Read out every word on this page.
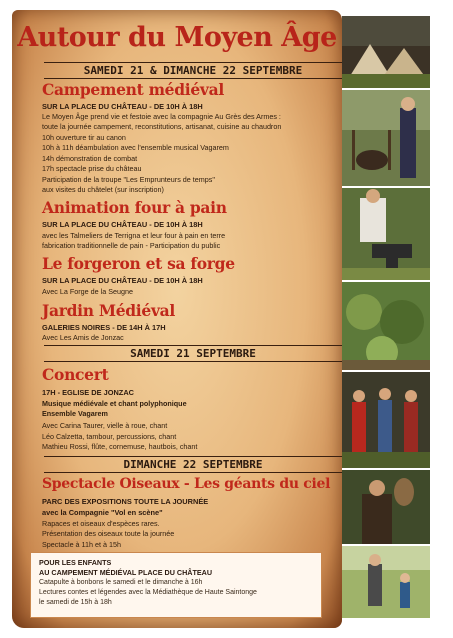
Autour du Moyen Âge
SAMEDI 21 & DIMANCHE 22 SEPTEMBRE
Campement médiéval
SUR LA PLACE DU CHÂTEAU - DE 10H À 18H
Le Moyen Âge prend vie et festoie avec la compagnie Au Grès des Armes :
toute la journée campement, reconstitutions, artisanat, cuisine au chaudron
10h ouverture tir au canon
10h à 11h déambulation avec l'ensemble musical Vagarem
14h démonstration de combat
17h spectacle prise du château
Participation de la troupe "Les Emprunteurs de temps"
aux visites du châtelet (sur inscription)
Animation four à pain
SUR LA PLACE DU CHÂTEAU - DE 10H À 18H
avec les Talmeliers de Terrigna et leur four à pain en terre
fabrication traditionnelle de pain - Participation du public
Le forgeron et sa forge
SUR LA PLACE DU CHÂTEAU - DE 10H À 18H
Avec La Forge de la Seugne
Jardin Médiéval
GALERIES NOIRES - DE 14H À 17H
Avec Les Amis de Jonzac
SAMEDI 21 SEPTEMBRE
Concert
17H - EGLISE DE JONZAC
Musique médiévale et chant polyphonique
Ensemble Vagarem
Avec Carina Taurer, vielle à roue, chant
Léo Calzetta, tambour, percussions, chant
Mathieu Rossi, flûte, cornemuse, hautbois, chant
DIMANCHE 22 SEPTEMBRE
Spectacle Oiseaux - Les géants du ciel
PARC DES EXPOSITIONS TOUTE LA JOURNÉE
avec la Compagnie "Vol en scène"
Rapaces et oiseaux d'espèces rares.
Présentation des oiseaux toute la journée
Spectacle à 11h et à 15h
POUR LES ENFANTS
AU CAMPEMENT MÉDIÉVAL PLACE DU CHÂTEAU
Catapulte à bonbons le samedi et le dimanche à 16h
Lectures contes et légendes avec la Médiathèque de Haute Saintonge
le samedi de 15h à 18h
